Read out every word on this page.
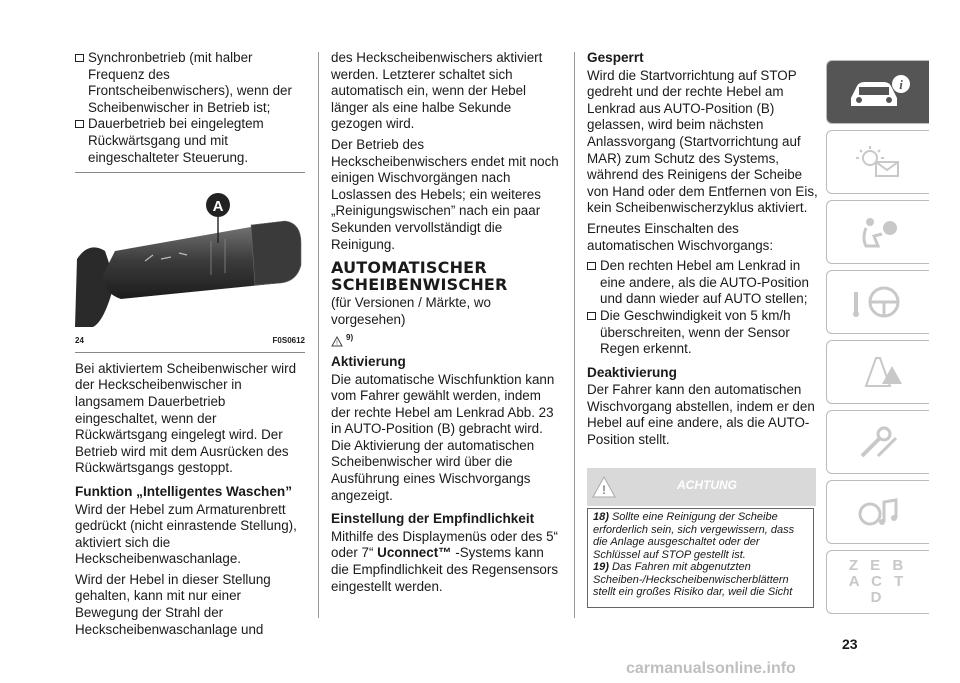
Synchronbetrieb (mit halber Frequenz des Frontscheibenwischers), wenn der Scheibenwischer in Betrieb ist;
Dauerbetrieb bei eingelegtem Rückwärtsgang und mit eingeschalteter Steuerung.
A
24	F0S0612

Bei aktiviertem Scheibenwischer wird der Heckscheibenwischer in langsamem Dauerbetrieb eingeschaltet, wenn der Rückwärtsgang eingelegt wird. Der Betrieb wird mit dem Ausrücken des Rückwärtsgangs gestoppt.

Funktion „Intelligentes Waschen”

Wird der Hebel zum Armaturenbrett gedrückt (nicht einrastende Stellung), aktiviert sich die Heckscheibenwaschanlage.

Wird der Hebel in dieser Stellung gehalten, kann mit nur einer Bewegung der Strahl der Heckscheibenwaschanlage und

des Heckscheibenwischers aktiviert werden. Letzterer schaltet sich automatisch ein, wenn der Hebel länger als eine halbe Sekunde gezogen wird.

Der Betrieb des Heckscheibenwischers endet mit noch einigen Wischvorgängen nach Loslassen des Hebels; ein weiteres „Reinigungswischen” nach ein paar Sekunden vervollständigt die Reinigung.

AUTOMATISCHER
SCHEIBENWISCHER

(für Versionen / Märkte, wo vorgesehen)

!
9)
Aktivierung

Die automatische Wischfunktion kann vom Fahrer gewählt werden, indem der rechte Hebel am Lenkrad Abb. 23 in AUTO-Position (B) gebracht wird. Die Aktivierung der automatischen Scheibenwischer wird über die Ausführung eines Wischvorgangs angezeigt.

Einstellung der Empfindlichkeit

Mithilfe des Displaymenüs oder des 5“ oder 7“ Uconnect™ -Systems kann die Empfindlichkeit des Regensensors eingestellt werden.

Gesperrt

Wird die Startvorrichtung auf STOP gedreht und der rechte Hebel am Lenkrad aus AUTO-Position (B) gelassen, wird beim nächsten Anlassvorgang (Startvorrichtung auf MAR) zum Schutz des Systems, während des Reinigens der Scheibe von Hand oder dem Entfernen von Eis, kein Scheibenwischerzyklus aktiviert.

Erneutes Einschalten des automatischen Wischvorgangs:

Den rechten Hebel am Lenkrad in eine andere, als die AUTO-Position und dann wieder auf AUTO stellen;
Die Geschwindigkeit von 5 km/h überschreiten, wenn der Sensor Regen erkennt.
Deaktivierung

Der Fahrer kann den automatischen Wischvorgang abstellen, indem er den Hebel auf eine andere, als die AUTO-Position stellt.

!	ACHTUNG

18) Sollte eine Reinigung der Scheibe erforderlich sein, sich vergewissern, dass die Anlage ausgeschaltet oder der Schlüssel auf STOP gestellt ist.

19) Das Fahren mit abgenutzten Scheiben-/Heckscheibenwischerblättern stellt ein großes Risiko dar, weil die Sicht

i
Z E B A C T D
23
carmanualsonline.info
